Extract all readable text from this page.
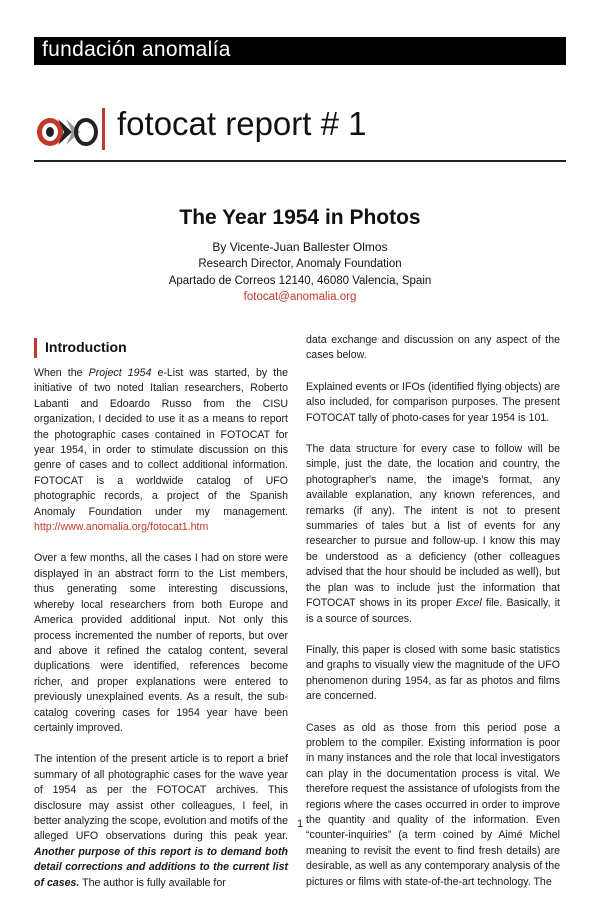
fundación anomalía
fotocat report # 1
The Year 1954 in Photos
By Vicente-Juan Ballester Olmos
Research Director, Anomaly Foundation
Apartado de Correos 12140, 46080 Valencia, Spain
fotocat@anomalia.org
Introduction

When the Project 1954 e-List was started, by the initiative of two noted Italian researchers, Roberto Labanti and Edoardo Russo from the CISU organization, I decided to use it as a means to report the photographic cases contained in FOTOCAT for year 1954, in order to stimulate discussion on this genre of cases and to collect additional information. FOTOCAT is a worldwide catalog of UFO photographic records, a project of the Spanish Anomaly Foundation under my management. http://www.anomalia.org/fotocat1.htm

Over a few months, all the cases I had on store were displayed in an abstract form to the List members, thus generating some interesting discussions, whereby local researchers from both Europe and America provided additional input. Not only this process incremented the number of reports, but over and above it refined the catalog content, several duplications were identified, references become richer, and proper explanations were entered to previously unexplained events. As a result, the sub-catalog covering cases for 1954 year have been certainly improved.

The intention of the present article is to report a brief summary of all photographic cases for the wave year of 1954 as per the FOTOCAT archives. This disclosure may assist other colleagues, I feel, in better analyzing the scope, evolution and motifs of the alleged UFO observations during this peak year. Another purpose of this report is to demand both detail corrections and additions to the current list of cases. The author is fully available for

data exchange and discussion on any aspect of the cases below.

Explained events or IFOs (identified flying objects) are also included, for comparison purposes. The present FOTOCAT tally of photo-cases for year 1954 is 101.

The data structure for every case to follow will be simple, just the date, the location and country, the photographer's name, the image's format, any available explanation, any known references, and remarks (if any). The intent is not to present summaries of tales but a list of events for any researcher to pursue and follow-up. I know this may be understood as a deficiency (other colleagues advised that the hour should be included as well), but the plan was to include just the information that FOTOCAT shows in its proper Excel file. Basically, it is a source of sources.

Finally, this paper is closed with some basic statistics and graphs to visually view the magnitude of the UFO phenomenon during 1954, as far as photos and films are concerned.

Cases as old as those from this period pose a problem to the compiler. Existing information is poor in many instances and the role that local investigators can play in the documentation process is vital. We therefore request the assistance of ufologists from the regions where the cases occurred in order to improve the quantity and quality of the information. Even “counter-inquiries” (a term coined by Aimé Michel meaning to revisit the event to find fresh details) are desirable, as well as any contemporary analysis of the pictures or films with state-of-the-art technology. The

1
